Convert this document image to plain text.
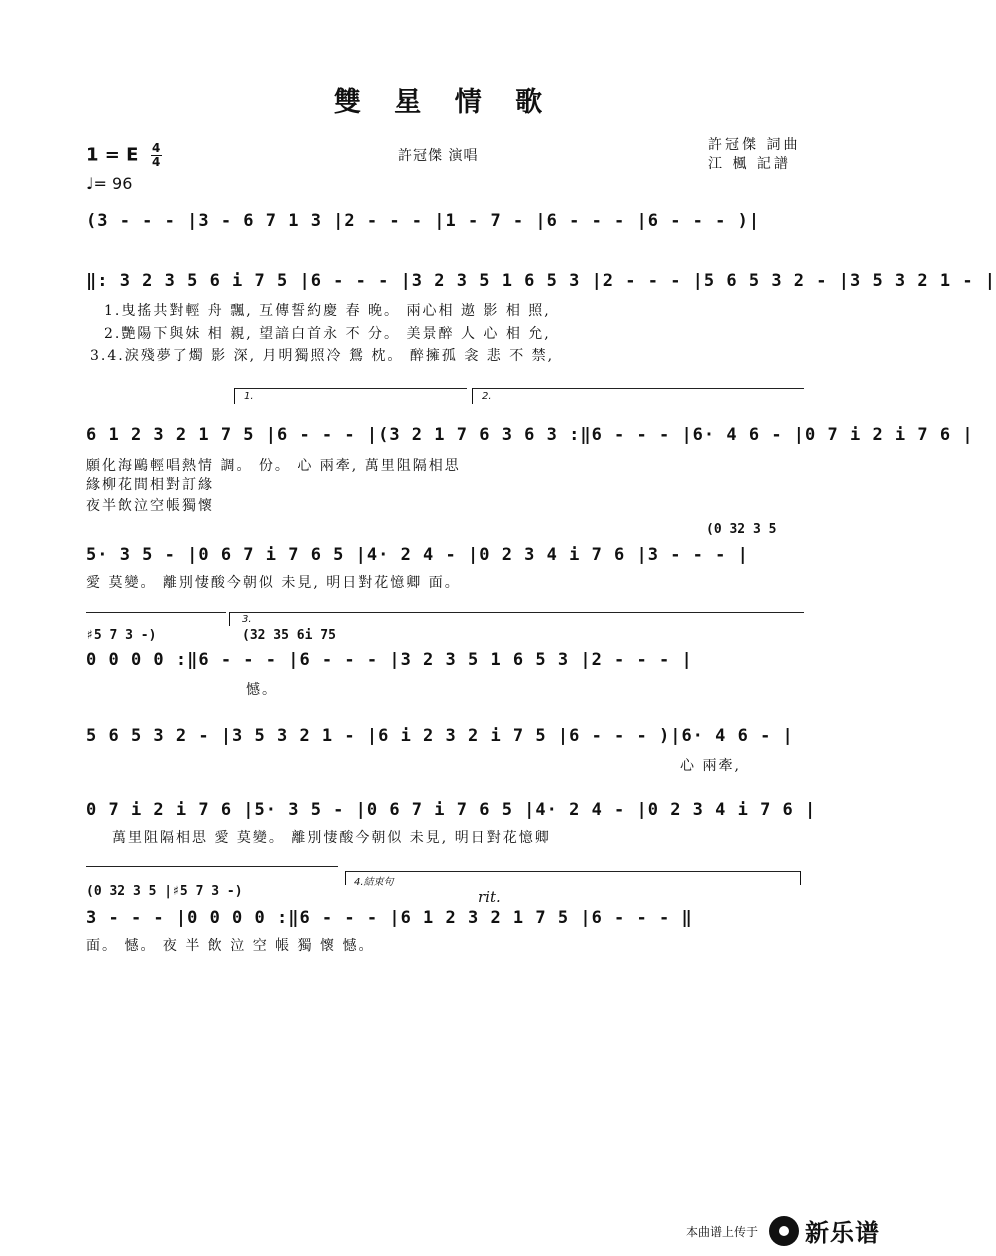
雙 星 情 歌
1 = E $\frac{4}{4}$
♩= 96
許冠傑 演唱
許冠傑 詞曲
江 楓 記譜
(3 - - - |3 - 6 7 1 3 |2 - - - |1 - 7 - |6 - - - |6 - - - )|
‖: 3 2 3 5 6 i 7 5 |6 - - - |3 2 3 5 1 6 5 3 |2 - - - |5 6 5 3 2 - |3 5 3 2 1 - |
1.曳搖共對輕 舟 飄, 互傳誓約慶 春 晚。 兩心相 遨 影 相 照,
2.艷陽下與妹 相 親, 望諳白首永 不 分。 美景醉 人 心 相 允,
3.4.淚殘夢了燭 影 深, 月明獨照冷 鴛 枕。 醉擁孤 衾 悲 不 禁,
1.	2.
6 1 2 3 2 1 7 5 |6 - - - |(3 2 1 7 6 3 6 3 :‖6 - - - |6· 4 6 - |0 7 i 2 i 7 6 |
願化海鷗輕唱熱情 調。 份。 心 兩牽, 萬里阻隔相思
緣柳花間相對訂緣
夜半飲泣空帳獨懷
(0 32 3 5
5· 3 5 - |0 6 7 i 7 6 5 |4· 2 4 - |0 2 3 4 i 7 6 |3 - - - |
愛 莫變。 離別悽酸今朝似 未見, 明日對花憶卿 面。
3.
♯5 7 3 -)	(32 35 6i 75
0 0 0 0 :‖6 - - - |6 - - - |3 2 3 5 1 6 5 3 |2 - - - |
憾。
5 6 5 3 2 - |3 5 3 2 1 - |6 i 2 3 2 i 7 5 |6 - - - )|6· 4 6 - |
心 兩牽,
0 7 i 2 i 7 6 |5· 3 5 - |0 6 7 i 7 6 5 |4· 2 4 - |0 2 3 4 i 7 6 |
萬里阻隔相思 愛 莫變。 離別悽酸今朝似 未見, 明日對花憶卿
4.結束句
(0 32 3 5 |♯5 7 3 -)	rit.
3 - - - |0 0 0 0 :‖6 - - - |6 1 2 3 2 1 7 5 |6 - - - ‖
面。 憾。 夜 半 飲 泣 空 帳 獨 懷 憾。
本曲谱上传于 新乐谱
